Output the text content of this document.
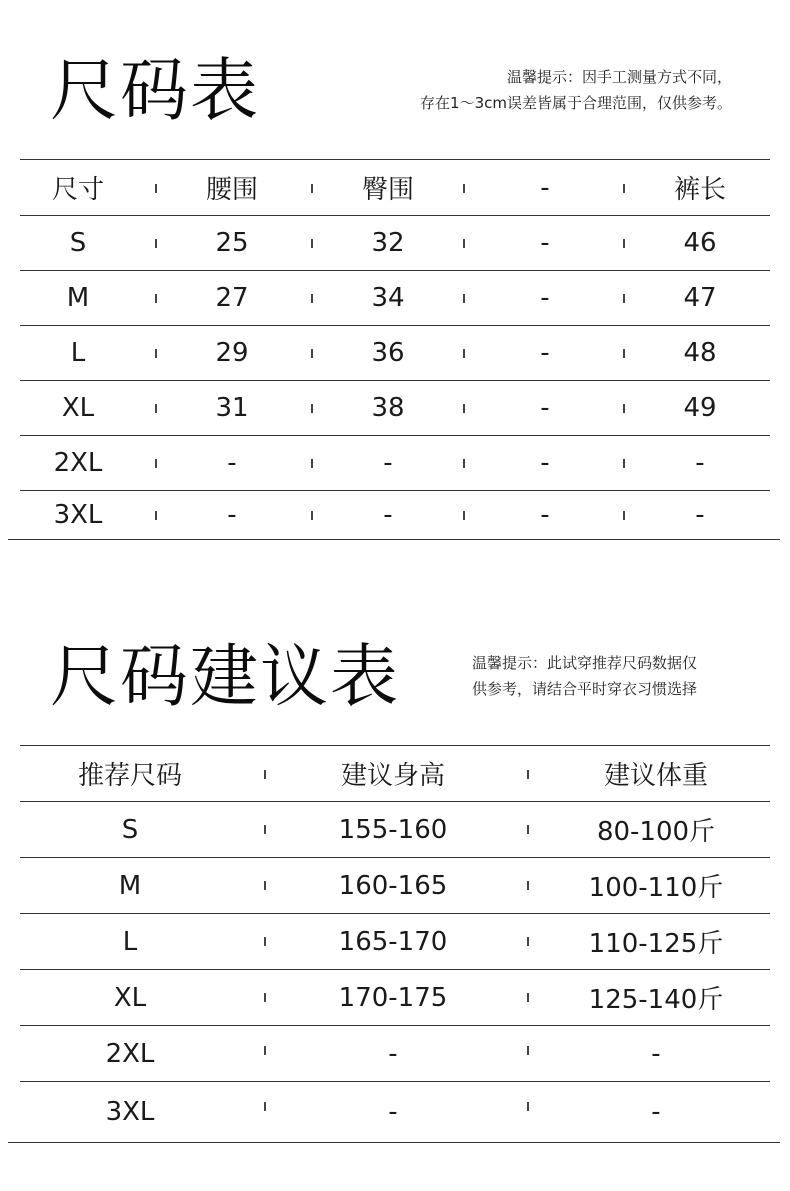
尺码表	温馨提示：因手工测量方式不同，
存在1～3cm误差皆属于合理范围，仅供参考。

尺寸	腰围	臀围	-	裤长
S	25	32	-	46
M	27	34	-	47
L	29	36	-	48
XL	31	38	-	49
2XL	-	-	-	-
3XL	-	-	-	-
尺码建议表	温馨提示：此试穿推荐尺码数据仅
供参考，请结合平时穿衣习惯选择

推荐尺码	建议身高	建议体重
S	155-160	80-100斤
M	160-165	100-110斤
L	165-170	110-125斤
XL	170-175	125-140斤
2XL	-	-
3XL	-	-
